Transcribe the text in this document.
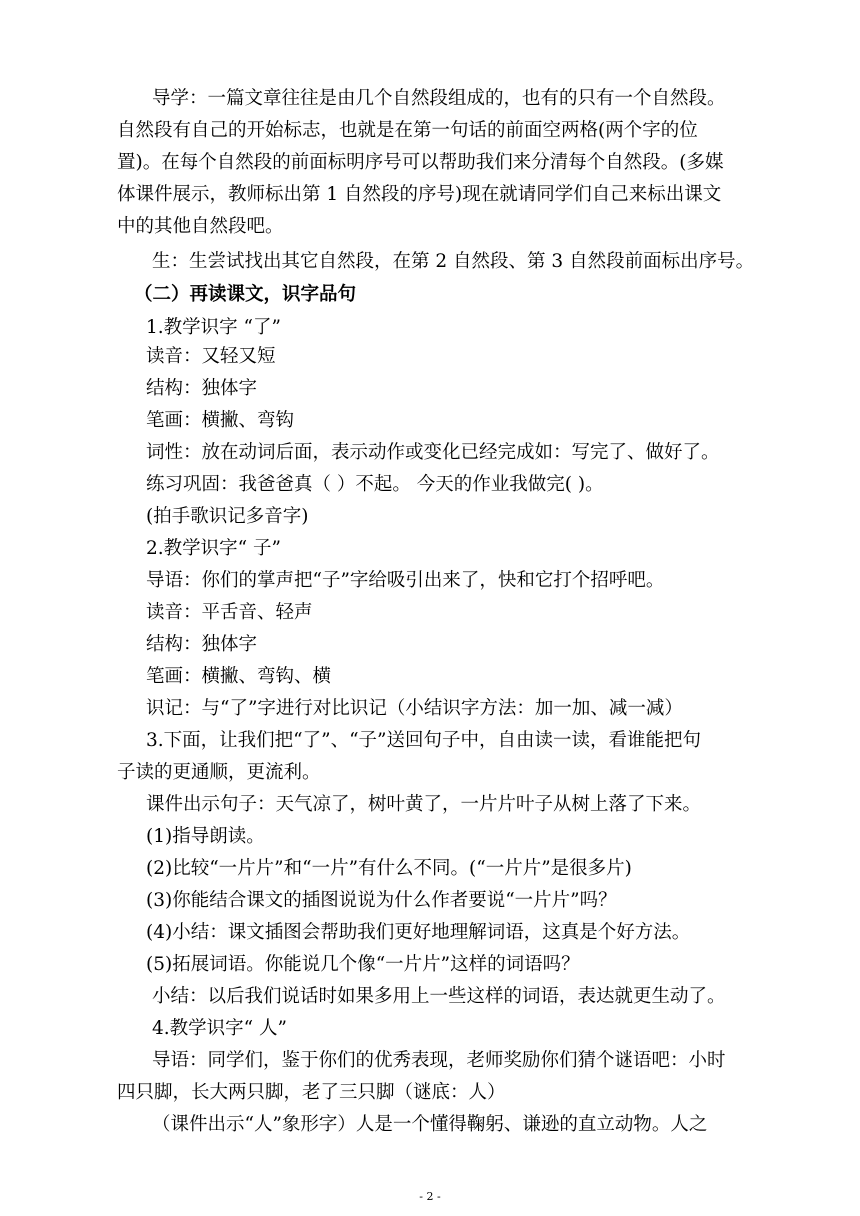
导学：一篇文章往往是由几个自然段组成的，也有的只有一个自然段。
自然段有自己的开始标志，也就是在第一句话的前面空两格(两个字的位
置)。在每个自然段的前面标明序号可以帮助我们来分清每个自然段。(多媒
体课件展示，教师标出第 1 自然段的序号)现在就请同学们自己来标出课文
中的其他自然段吧。
生：生尝试找出其它自然段，在第 2 自然段、第 3 自然段前面标出序号。
（二）再读课文，识字品句
1.教学识字 “了”
读音：又轻又短
结构：独体字
笔画：横撇、弯钩
词性：放在动词后面，表示动作或变化已经完成如：写完了、做好了。
练习巩固：我爸爸真（ ）不起。 今天的作业我做完( )。
(拍手歌识记多音字)
2.教学识字“ 子”
导语：你们的掌声把“子”字给吸引出来了，快和它打个招呼吧。
读音：平舌音、轻声
结构：独体字
笔画：横撇、弯钩、横
识记：与“了”字进行对比识记（小结识字方法：加一加、减一减）
3.下面，让我们把“了”、“子”送回句子中，自由读一读，看谁能把句
子读的更通顺，更流利。
课件出示句子：天气凉了，树叶黄了，一片片叶子从树上落了下来。
(1)指导朗读。
(2)比较“一片片”和“一片”有什么不同。(“一片片”是很多片)
(3)你能结合课文的插图说说为什么作者要说“一片片”吗？
(4)小结：课文插图会帮助我们更好地理解词语，这真是个好方法。
(5)拓展词语。你能说几个像“一片片”这样的词语吗？
小结：以后我们说话时如果多用上一些这样的词语，表达就更生动了。
4.教学识字“ 人”
导语：同学们，鉴于你们的优秀表现，老师奖励你们猜个谜语吧：小时
四只脚，长大两只脚，老了三只脚（谜底：人）
（课件出示“人”象形字）人是一个懂得鞠躬、谦逊的直立动物。人之
- 2 -
